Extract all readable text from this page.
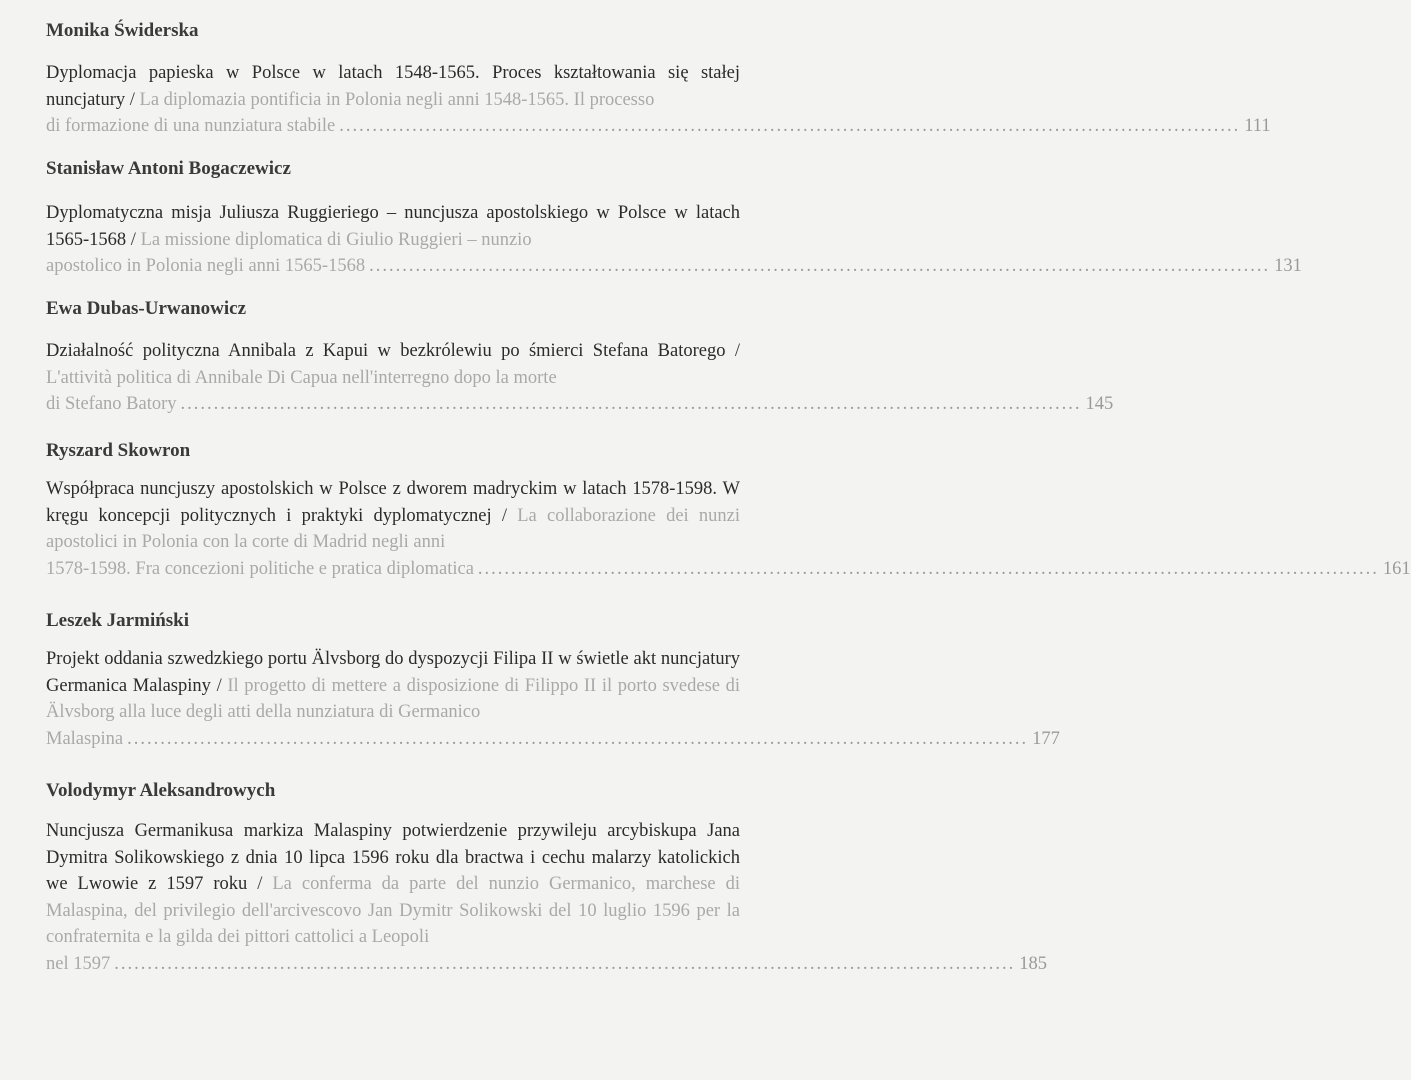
Monika Świderska
Dyplomacja papieska w Polsce w latach 1548-1565. Proces kształtowania się stałej nuncjatury / La diplomazia pontificia in Polonia negli anni 1548-1565. Il processo
di formazione di una nunziatura stabile ........................................................................................................................................ 111
Stanisław Antoni Bogaczewicz
Dyplomatyczna misja Juliusza Ruggieriego – nuncjusza apostolskiego w Polsce w latach 1565-1568 / La missione diplomatica di Giulio Ruggieri – nunzio
apostolico in Polonia negli anni 1565-1568 ........................................................................................................................................ 131
Ewa Dubas-Urwanowicz
Działalność polityczna Annibala z Kapui w bezkrólewiu po śmierci Stefana Batorego / L'attività politica di Annibale Di Capua nell'interregno dopo la morte
di Stefano Batory ........................................................................................................................................ 145
Ryszard Skowron
Współpraca nuncjuszy apostolskich w Polsce z dworem madryckim w latach 1578-1598. W kręgu koncepcji politycznych i praktyki dyplomatycznej / La collaborazione dei nunzi apostolici in Polonia con la corte di Madrid negli anni
1578-1598. Fra concezioni politiche e pratica diplomatica ........................................................................................................................................ 161
Leszek Jarmiński
Projekt oddania szwedzkiego portu Älvsborg do dyspozycji Filipa II w świetle akt nuncjatury Germanica Malaspiny / Il progetto di mettere a disposizione di Filippo II il porto svedese di Älvsborg alla luce degli atti della nunziatura di Germanico
Malaspina ........................................................................................................................................ 177
Volodymyr Aleksandrowych
Nuncjusza Germanikusa markiza Malaspiny potwierdzenie przywileju arcybiskupa Jana Dymitra Solikowskiego z dnia 10 lipca 1596 roku dla bractwa i cechu malarzy katolickich we Lwowie z 1597 roku / La conferma da parte del nunzio Germanico, marchese di Malaspina, del privilegio dell'arcivescovo Jan Dymitr Solikowski del 10 luglio 1596 per la confraternita e la gilda dei pittori cattolici a Leopoli
nel 1597 ........................................................................................................................................ 185
